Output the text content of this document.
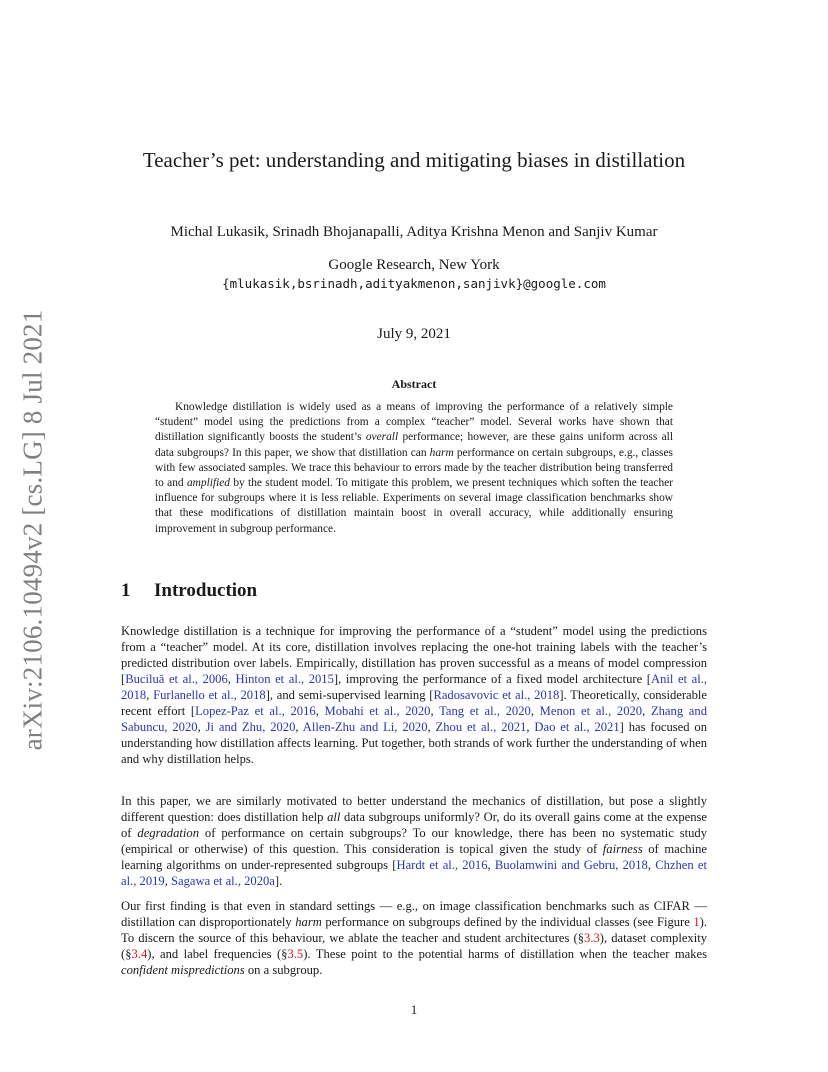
arXiv:2106.10494v2 [cs.LG] 8 Jul 2021
Teacher’s pet: understanding and mitigating biases in distillation
Michal Lukasik, Srinadh Bhojanapalli, Aditya Krishna Menon and Sanjiv Kumar
Google Research, New York
{mlukasik,bsrinadh,adityakmenon,sanjivk}@google.com
July 9, 2021
Abstract
Knowledge distillation is widely used as a means of improving the performance of a relatively simple “student” model using the predictions from a complex “teacher” model. Several works have shown that distillation significantly boosts the student’s overall performance; however, are these gains uniform across all data subgroups? In this paper, we show that distillation can harm performance on certain subgroups, e.g., classes with few associated samples. We trace this behaviour to errors made by the teacher distribution being transferred to and amplified by the student model. To mitigate this problem, we present techniques which soften the teacher influence for subgroups where it is less reliable. Experiments on several image classification benchmarks show that these modifications of distillation maintain boost in overall accuracy, while additionally ensuring improvement in subgroup performance.
1 Introduction
Knowledge distillation is a technique for improving the performance of a “student” model using the predictions from a “teacher” model. At its core, distillation involves replacing the one-hot training labels with the teacher’s predicted distribution over labels. Empirically, distillation has proven successful as a means of model compression [Buciluǎ et al., 2006, Hinton et al., 2015], improving the performance of a fixed model architecture [Anil et al., 2018, Furlanello et al., 2018], and semi-supervised learning [Radosavovic et al., 2018]. Theoretically, considerable recent effort [Lopez-Paz et al., 2016, Mobahi et al., 2020, Tang et al., 2020, Menon et al., 2020, Zhang and Sabuncu, 2020, Ji and Zhu, 2020, Allen-Zhu and Li, 2020, Zhou et al., 2021, Dao et al., 2021] has focused on understanding how distillation affects learning. Put together, both strands of work further the understanding of when and why distillation helps.
In this paper, we are similarly motivated to better understand the mechanics of distillation, but pose a slightly different question: does distillation help all data subgroups uniformly? Or, do its overall gains come at the expense of degradation of performance on certain subgroups? To our knowledge, there has been no systematic study (empirical or otherwise) of this question. This consideration is topical given the study of fairness of machine learning algorithms on under-represented subgroups [Hardt et al., 2016, Buolamwini and Gebru, 2018, Chzhen et al., 2019, Sagawa et al., 2020a].
Our first finding is that even in standard settings — e.g., on image classification benchmarks such as CIFAR — distillation can disproportionately harm performance on subgroups defined by the individual classes (see Figure 1). To discern the source of this behaviour, we ablate the teacher and student architectures (§3.3), dataset complexity (§3.4), and label frequencies (§3.5). These point to the potential harms of distillation when the teacher makes confident mispredictions on a subgroup.
1
